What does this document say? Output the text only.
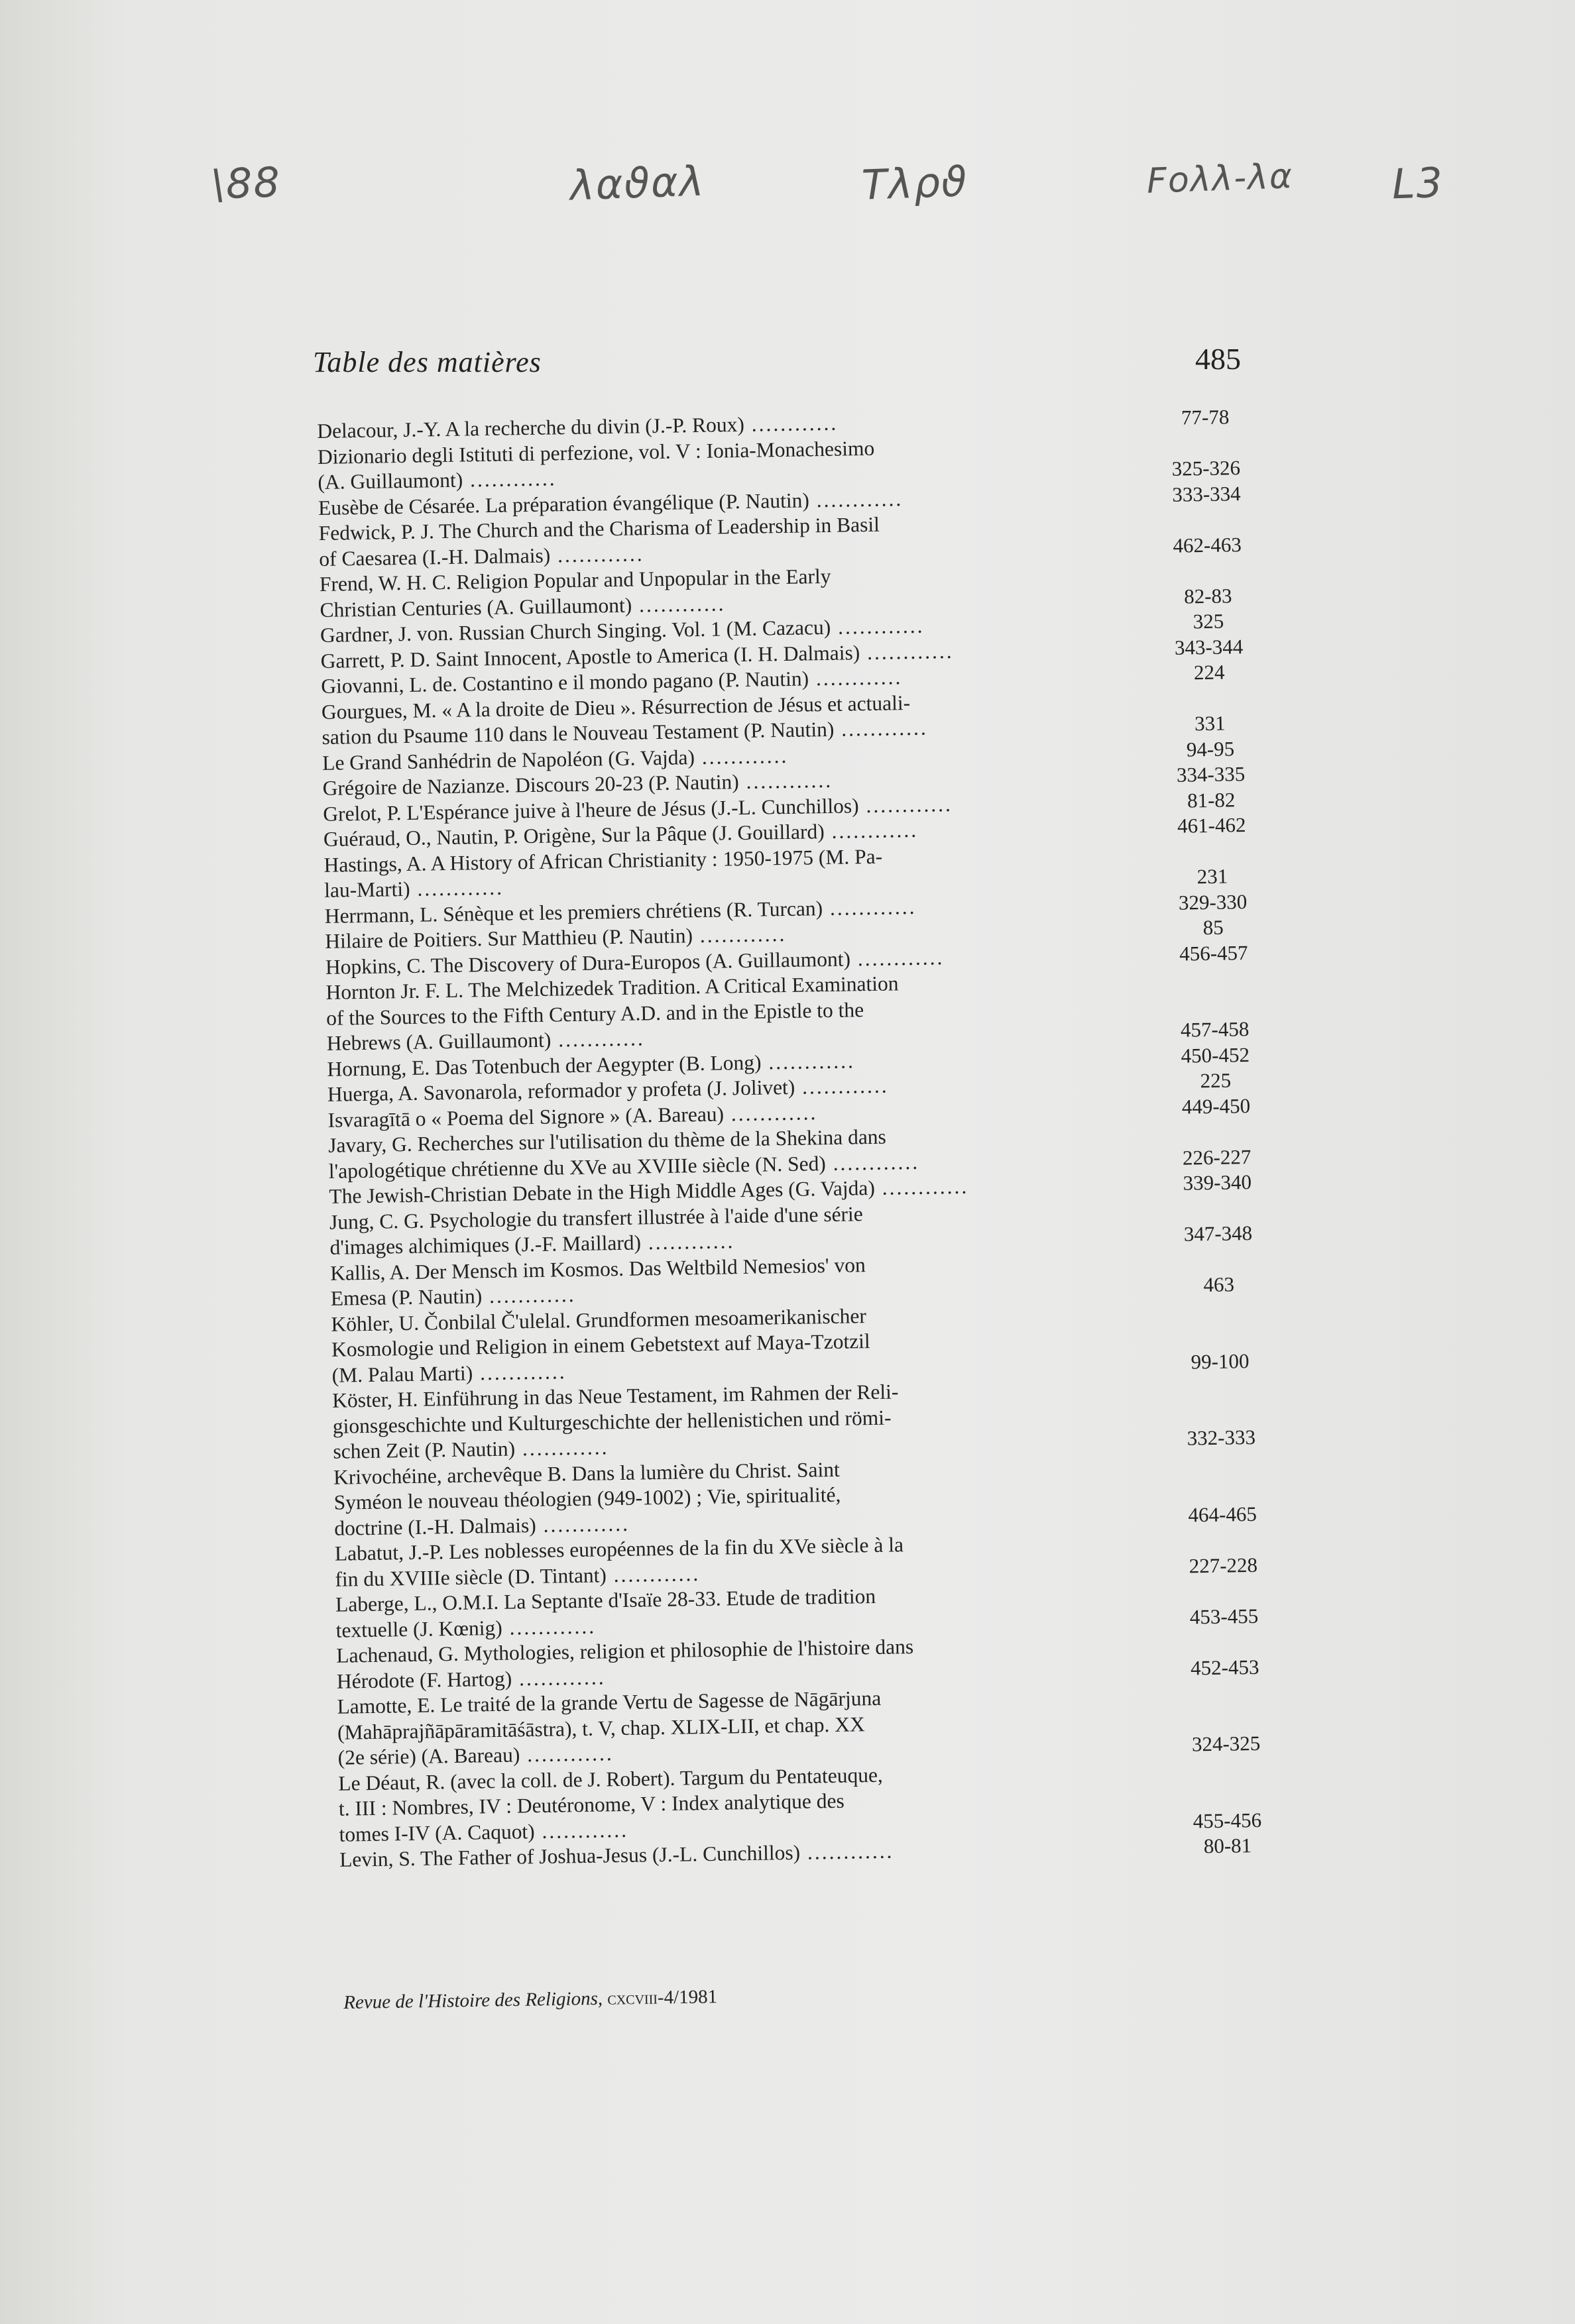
\88	λαϑαλ	Tλρϑ	Foλλ-λα L3
Table des matières	485
Delacour, J.-Y. A la recherche du divin (J.-P. Roux) ............	77-78
Dizionario degli Istituti di perfezione, vol. V : Ionia-Monachesimo
(A. Guillaumont) ............	325-326
Eusèbe de Césarée. La préparation évangélique (P. Nautin) ............	333-334
Fedwick, P. J. The Church and the Charisma of Leadership in Basil
of Caesarea (I.-H. Dalmais) ............	462-463
Frend, W. H. C. Religion Popular and Unpopular in the Early
Christian Centuries (A. Guillaumont) ............	82-83
Gardner, J. von. Russian Church Singing. Vol. 1 (M. Cazacu) ............	325
Garrett, P. D. Saint Innocent, Apostle to America (I. H. Dalmais) ............	343-344
Giovanni, L. de. Costantino e il mondo pagano (P. Nautin) ............	224
Gourgues, M. « A la droite de Dieu ». Résurrection de Jésus et actuali-
sation du Psaume 110 dans le Nouveau Testament (P. Nautin) ............	331
Le Grand Sanhédrin de Napoléon (G. Vajda) ............	94-95
Grégoire de Nazianze. Discours 20-23 (P. Nautin) ............	334-335
Grelot, P. L'Espérance juive à l'heure de Jésus (J.-L. Cunchillos) ............	81-82
Guéraud, O., Nautin, P. Origène, Sur la Pâque (J. Gouillard) ............	461-462
Hastings, A. A History of African Christianity : 1950-1975 (M. Pa-
lau-Marti) ............	231
Herrmann, L. Sénèque et les premiers chrétiens (R. Turcan) ............	329-330
Hilaire de Poitiers. Sur Matthieu (P. Nautin) ............	85
Hopkins, C. The Discovery of Dura-Europos (A. Guillaumont) ............	456-457
Hornton Jr. F. L. The Melchizedek Tradition. A Critical Examination
of the Sources to the Fifth Century A.D. and in the Epistle to the
Hebrews (A. Guillaumont) ............	457-458
Hornung, E. Das Totenbuch der Aegypter (B. Long) ............	450-452
Huerga, A. Savonarola, reformador y profeta (J. Jolivet) ............	225
Isvaragītā o « Poema del Signore » (A. Bareau) ............	449-450
Javary, G. Recherches sur l'utilisation du thème de la Shekina dans
l'apologétique chrétienne du XVe au XVIIIe siècle (N. Sed) ............	226-227
The Jewish-Christian Debate in the High Middle Ages (G. Vajda) ............	339-340
Jung, C. G. Psychologie du transfert illustrée à l'aide d'une série
d'images alchimiques (J.-F. Maillard) ............	347-348
Kallis, A. Der Mensch im Kosmos. Das Weltbild Nemesios' von
Emesa (P. Nautin) ............	463
Köhler, U. Čonbilal Č'ulelal. Grundformen mesoamerikanischer
Kosmologie und Religion in einem Gebetstext auf Maya-Tzotzil
(M. Palau Marti) ............	99-100
Köster, H. Einführung in das Neue Testament, im Rahmen der Reli-
gionsgeschichte und Kulturgeschichte der hellenistichen und römi-
schen Zeit (P. Nautin) ............	332-333
Krivochéine, archevêque B. Dans la lumière du Christ. Saint
Syméon le nouveau théologien (949-1002) ; Vie, spiritualité,
doctrine (I.-H. Dalmais) ............	464-465
Labatut, J.-P. Les noblesses européennes de la fin du XVe siècle à la
fin du XVIIIe siècle (D. Tintant) ............	227-228
Laberge, L., O.M.I. La Septante d'Isaïe 28-33. Etude de tradition
textuelle (J. Kœnig) ............	453-455
Lachenaud, G. Mythologies, religion et philosophie de l'histoire dans
Hérodote (F. Hartog) ............	452-453
Lamotte, E. Le traité de la grande Vertu de Sagesse de Nāgārjuna
(Mahāprajñāpāramitāśāstra), t. V, chap. XLIX-LII, et chap. XX
(2e série) (A. Bareau) ............	324-325
Le Déaut, R. (avec la coll. de J. Robert). Targum du Pentateuque,
t. III : Nombres, IV : Deutéronome, V : Index analytique des
tomes I-IV (A. Caquot) ............	455-456
Levin, S. The Father of Joshua-Jesus (J.-L. Cunchillos) ............	80-81
Revue de l'Histoire des Religions, cxcviii-4/1981
